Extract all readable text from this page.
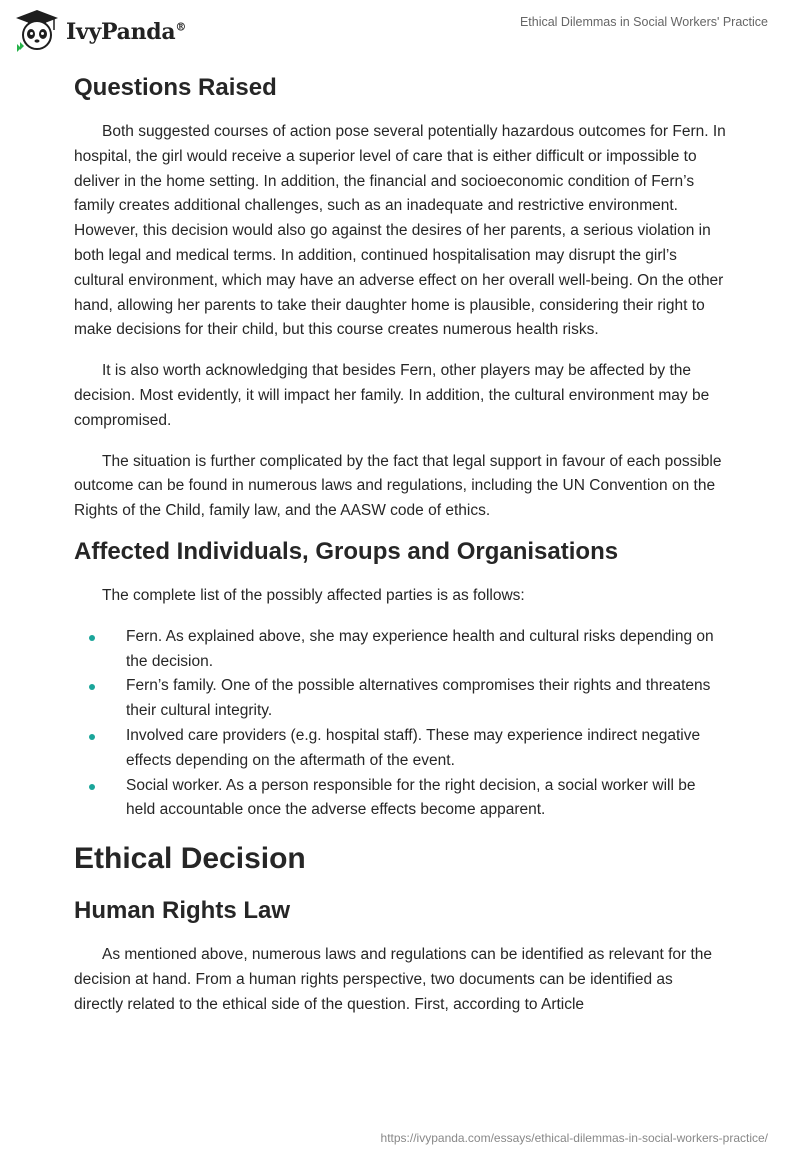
IvyPanda®	Ethical Dilemmas in Social Workers' Practice
Questions Raised

Both suggested courses of action pose several potentially hazardous outcomes for Fern. In hospital, the girl would receive a superior level of care that is either difficult or impossible to deliver in the home setting. In addition, the financial and socioeconomic condition of Fern’s family creates additional challenges, such as an inadequate and restrictive environment. However, this decision would also go against the desires of her parents, a serious violation in both legal and medical terms. In addition, continued hospitalisation may disrupt the girl’s cultural environment, which may have an adverse effect on her overall well-being. On the other hand, allowing her parents to take their daughter home is plausible, considering their right to make decisions for their child, but this course creates numerous health risks.

It is also worth acknowledging that besides Fern, other players may be affected by the decision. Most evidently, it will impact her family. In addition, the cultural environment may be compromised.

The situation is further complicated by the fact that legal support in favour of each possible outcome can be found in numerous laws and regulations, including the UN Convention on the Rights of the Child, family law, and the AASW code of ethics.

Affected Individuals, Groups and Organisations

The complete list of the possibly affected parties is as follows:

Fern. As explained above, she may experience health and cultural risks depending on the decision.
Fern’s family. One of the possible alternatives compromises their rights and threatens their cultural integrity.
Involved care providers (e.g. hospital staff). These may experience indirect negative effects depending on the aftermath of the event.
Social worker. As a person responsible for the right decision, a social worker will be held accountable once the adverse effects become apparent.
Ethical Decision
Human Rights Law

As mentioned above, numerous laws and regulations can be identified as relevant for the decision at hand. From a human rights perspective, two documents can be identified as directly related to the ethical side of the question. First, according to Article

https://ivypanda.com/essays/ethical-dilemmas-in-social-workers-practice/
